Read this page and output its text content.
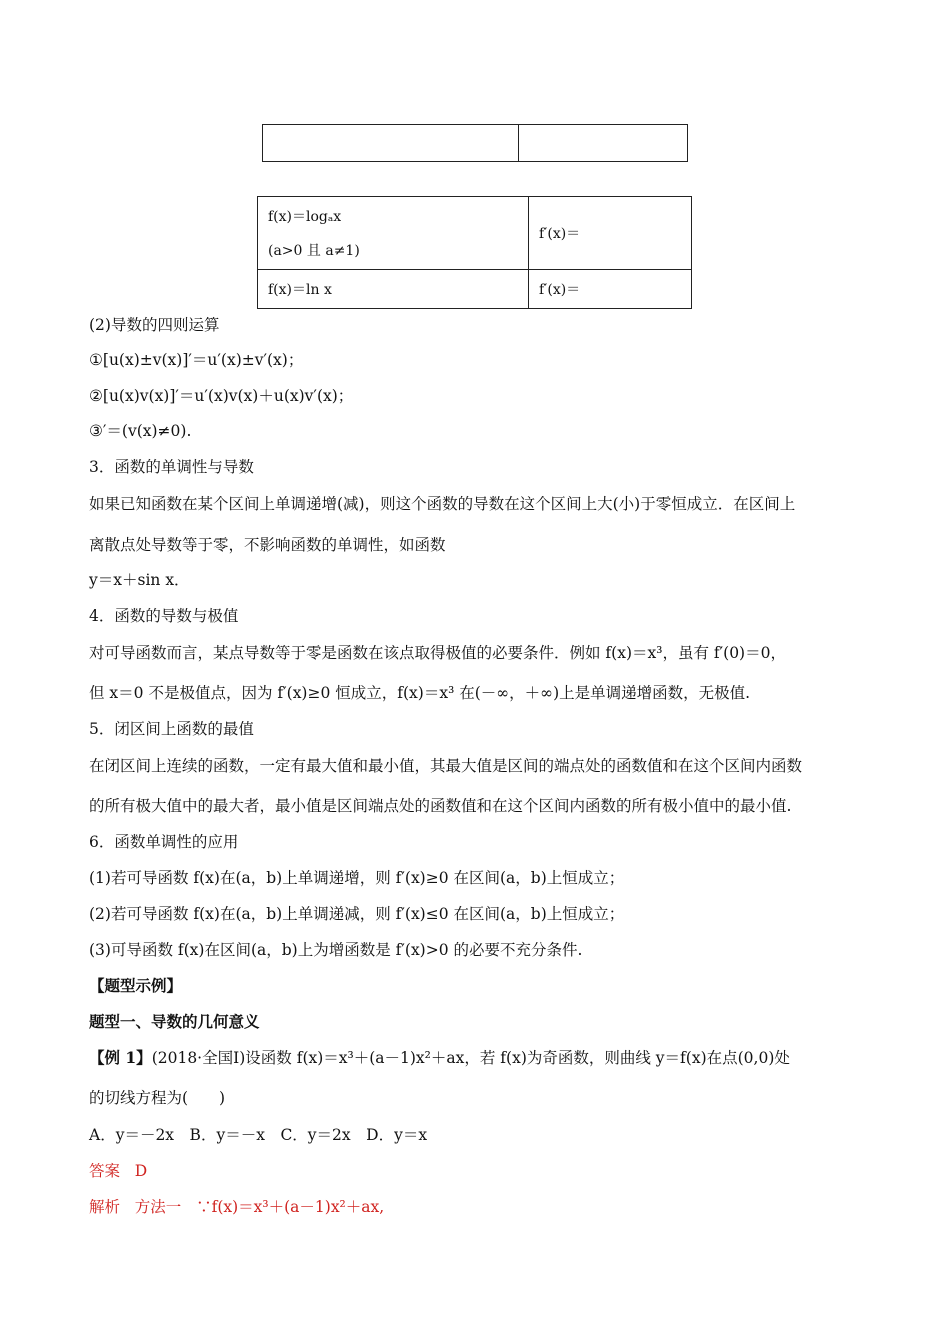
f(x)＝logₐx
(a>0 且 a≠1)	f′(x)＝
f(x)＝ln x	f′(x)＝
(2)导数的四则运算
①[u(x)±v(x)]′＝u′(x)±v′(x)；
②[u(x)v(x)]′＝u′(x)v(x)＋u(x)v′(x)；
③′＝(v(x)≠0).
3．函数的单调性与导数
如果已知函数在某个区间上单调递增(减)，则这个函数的导数在这个区间上大(小)于零恒成立．在区间上
离散点处导数等于零，不影响函数的单调性，如函数
y＝x＋sin x．
4．函数的导数与极值
对可导函数而言，某点导数等于零是函数在该点取得极值的必要条件．例如 f(x)＝x³，虽有 f′(0)＝0，
但 x＝0 不是极值点，因为 f′(x)≥0 恒成立，f(x)＝x³ 在(－∞，＋∞)上是单调递增函数，无极值.
5．闭区间上函数的最值
在闭区间上连续的函数，一定有最大值和最小值，其最大值是区间的端点处的函数值和在这个区间内函数
的所有极大值中的最大者，最小值是区间端点处的函数值和在这个区间内函数的所有极小值中的最小值.
6．函数单调性的应用
(1)若可导函数 f(x)在(a，b)上单调递增，则 f′(x)≥0 在区间(a，b)上恒成立；
(2)若可导函数 f(x)在(a，b)上单调递减，则 f′(x)≤0 在区间(a，b)上恒成立；
(3)可导函数 f(x)在区间(a，b)上为增函数是 f′(x)>0 的必要不充分条件.
【题型示例】
题型一、导数的几何意义
【例 1】(2018·全国Ⅰ)设函数 f(x)＝x³＋(a－1)x²＋ax，若 f(x)为奇函数，则曲线 y＝f(x)在点(0,0)处
的切线方程为(　　)
A．y＝－2x　B．y＝－x　C．y＝2x　D．y＝x
答案 D
解析 方法一 ∵f(x)＝x³＋(a－1)x²＋ax,
